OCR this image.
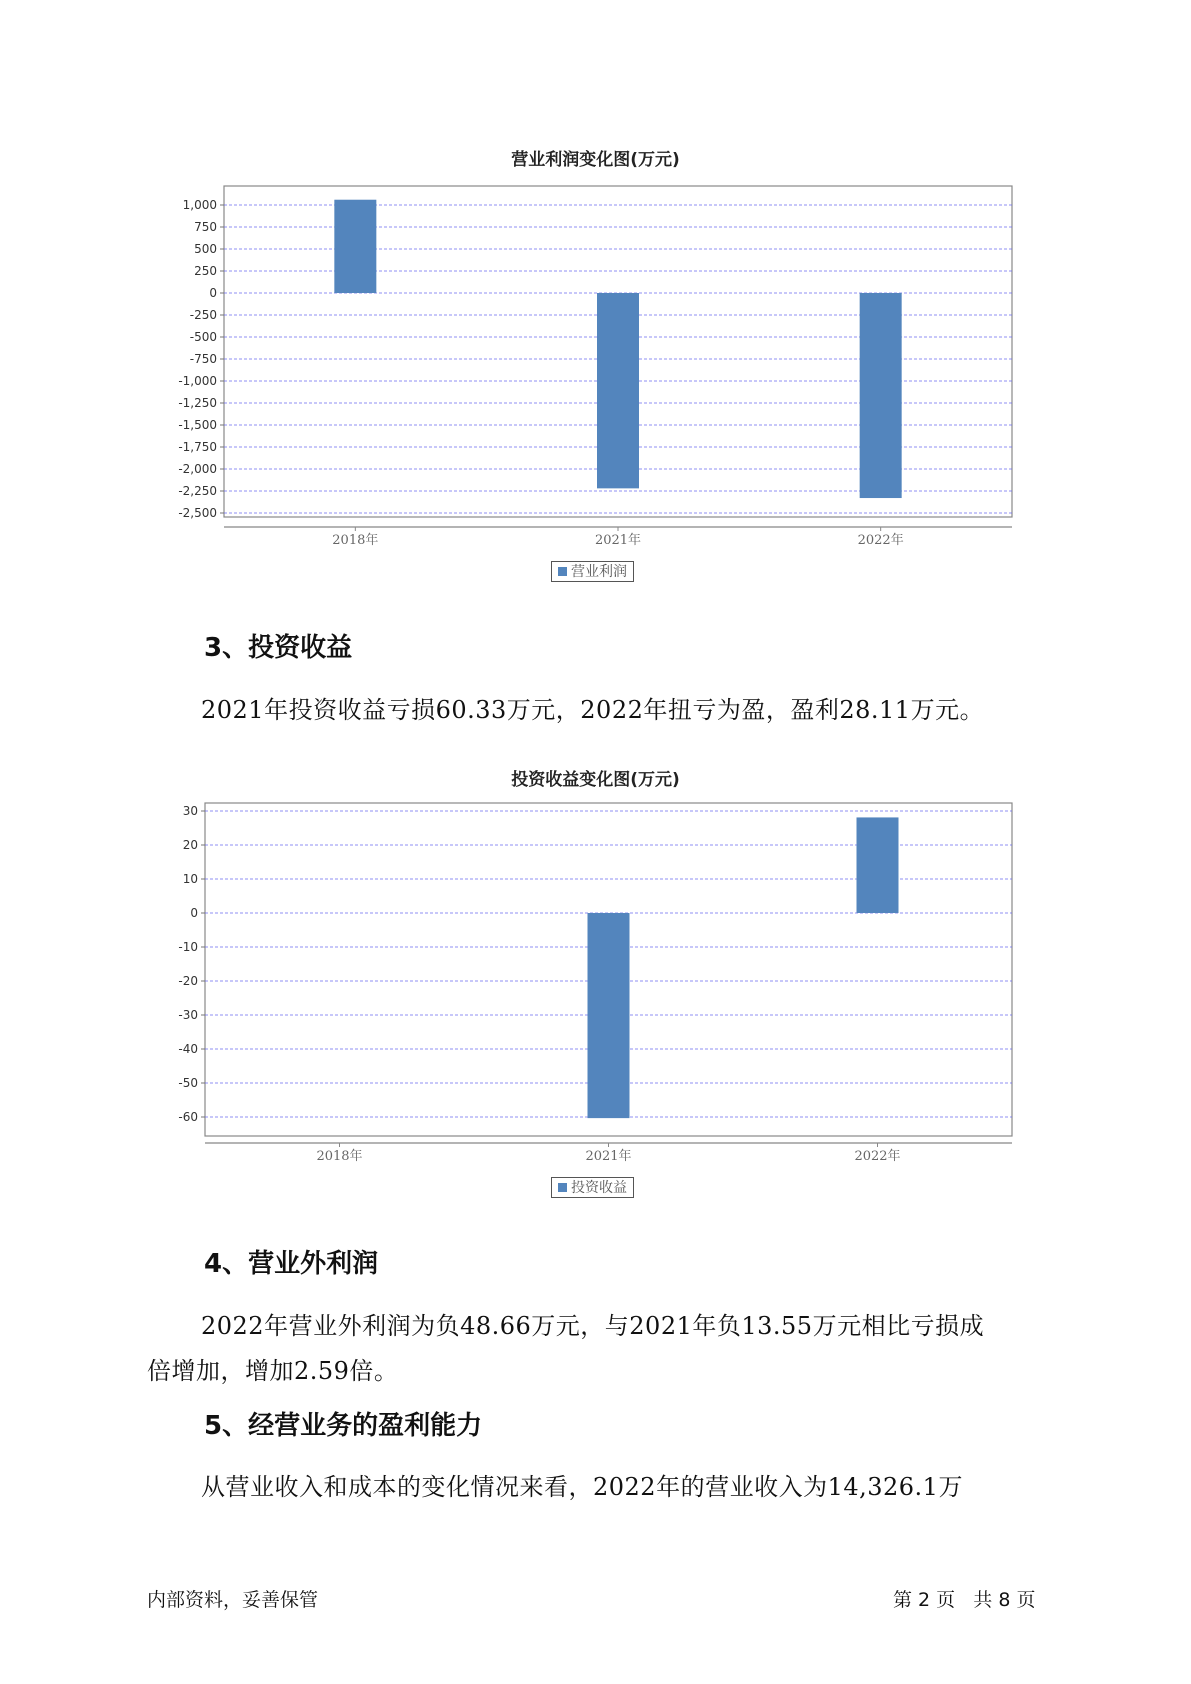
营业利润变化图(万元)
1,000
750
500
250
0
-250
-500
-750
-1,000
-1,250
-1,500
-1,750
-2,000
-2,250
-2,500
2018年	2021年	2022年
营业利润
3、投资收益
2021年投资收益亏损60.33万元，2022年扭亏为盈，盈利28.11万元。
投资收益变化图(万元)
30
20
10
0
-10
-20
-30
-40
-50
-60
2018年	2021年	2022年
投资收益
4、营业外利润
2022年营业外利润为负48.66万元，与2021年负13.55万元相比亏损成
倍增加，增加2.59倍。
5、经营业务的盈利能力
从营业收入和成本的变化情况来看，2022年的营业收入为14,326.1万
内部资料，妥善保管	第 2 页   共 8 页
